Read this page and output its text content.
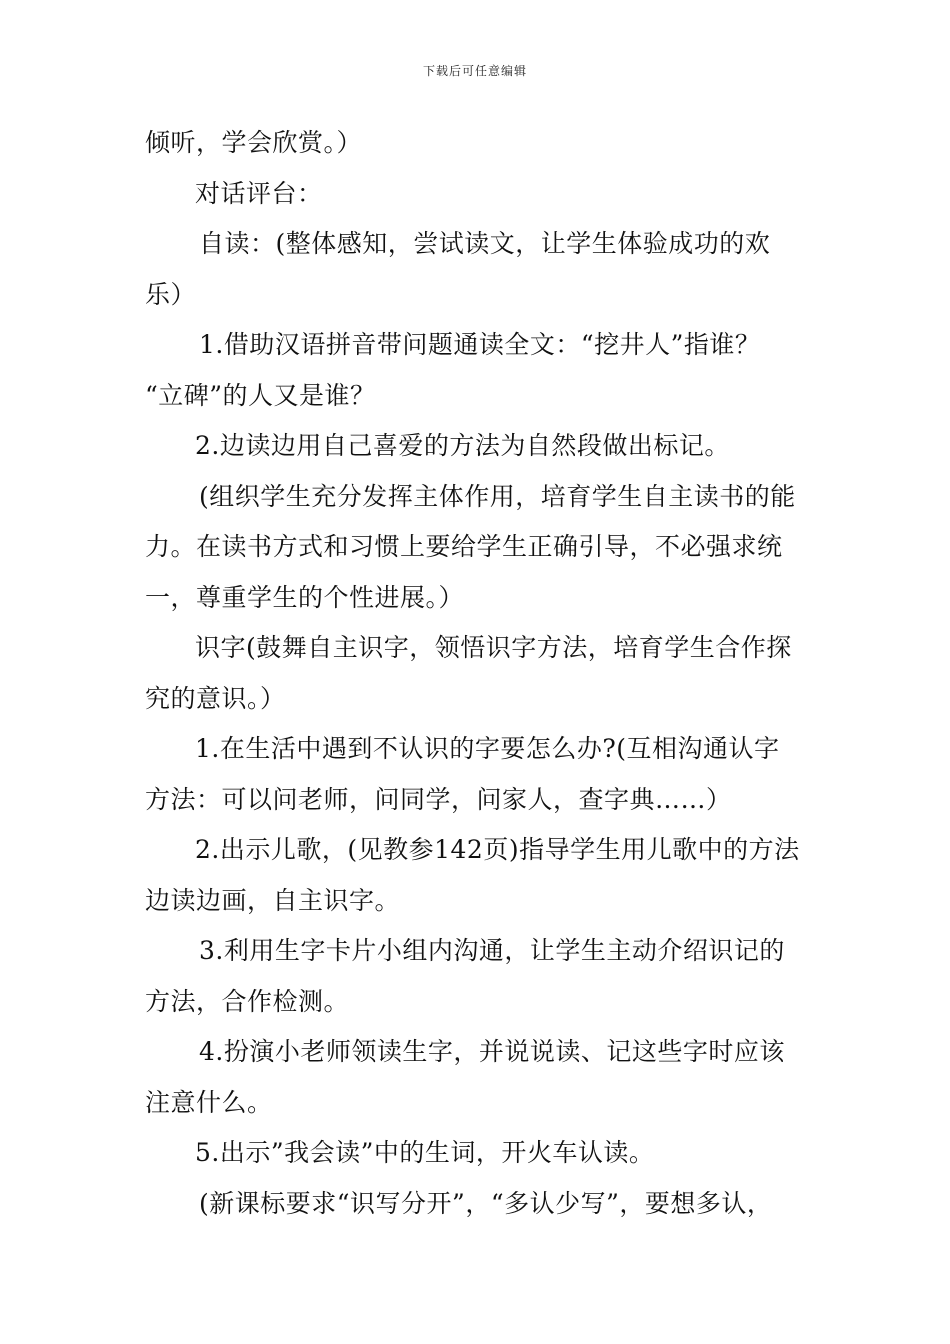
下载后可任意编辑
倾听，学会欣赏。）
对话评台：
自读：(整体感知，尝试读文，让学生体验成功的欢
乐）
1.借助汉语拼音带问题通读全文：“挖井人”指谁？
“立碑”的人又是谁？
2.边读边用自己喜爱的方法为自然段做出标记。
(组织学生充分发挥主体作用，培育学生自主读书的能
力。在读书方式和习惯上要给学生正确引导，不必强求统
一，尊重学生的个性进展。）
识字(鼓舞自主识字，领悟识字方法，培育学生合作探
究的意识。）
1.在生活中遇到不认识的字要怎么办?(互相沟通认字
方法：可以问老师，问同学，问家人，查字典……）
2.出示儿歌，(见教参142页)指导学生用儿歌中的方法
边读边画，自主识字。
3.利用生字卡片小组内沟通，让学生主动介绍识记的
方法，合作检测。
4.扮演小老师领读生字，并说说读、记这些字时应该
注意什么。
5.出示”我会读”中的生词，开火车认读。
(新课标要求“识写分开”，“多认少写”，要想多认，
